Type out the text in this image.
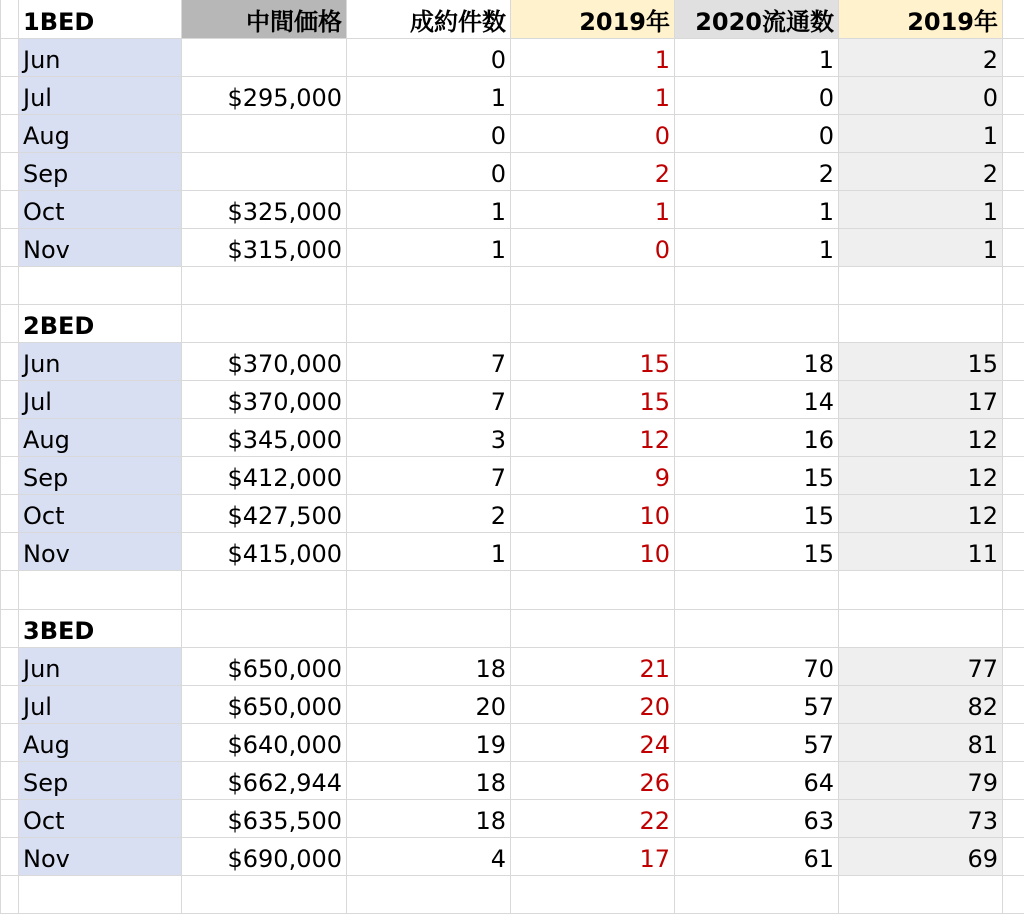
	1BED	中間価格	成約件数	2019年	2020流通数	2019年	
	Jun		0	1	1	2	
	Jul	$295,000	1	1	0	0	
	Aug		0	0	0	1	
	Sep		0	2	2	2	
	Oct	$325,000	1	1	1	1	
	Nov	$315,000	1	0	1	1	

	2BED						
	Jun	$370,000	7	15	18	15	
	Jul	$370,000	7	15	14	17	
	Aug	$345,000	3	12	16	12	
	Sep	$412,000	7	9	15	12	
	Oct	$427,500	2	10	15	12	
	Nov	$415,000	1	10	15	11	

	3BED						
	Jun	$650,000	18	21	70	77	
	Jul	$650,000	20	20	57	82	
	Aug	$640,000	19	24	57	81	
	Sep	$662,944	18	26	64	79	
	Oct	$635,500	18	22	63	73	
	Nov	$690,000	4	17	61	69	
